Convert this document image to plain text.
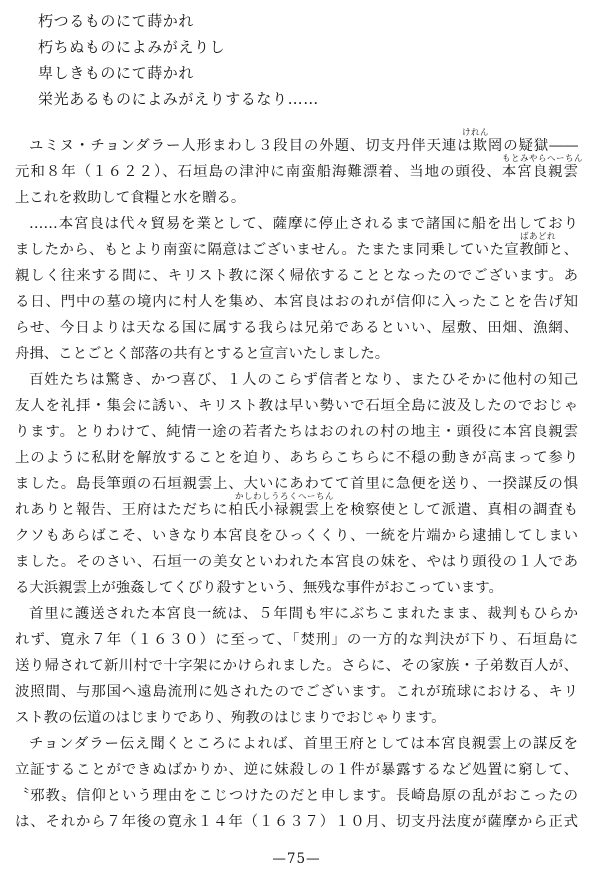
朽つるものにて蒔かれ
朽ちぬものによみがえりし
卑しきものにて蒔かれ
栄光あるものによみがえりするなり……
けれん
ユミヌ・チョンダラー人形まわし３段目の外題、切支丹伴天連は欺罔の疑獄――
もとみやらへーちん
元和８年（１６２２）、石垣島の津沖に南蛮船海難漂着、当地の頭役、本宮良親雲
上これを救助して食糧と水を贈る。
……本宮良は代々貿易を業として、薩摩に停止されるまで諸国に船を出しており
ばあどれ
ましたから、もとより南蛮に隔意はございません。たまたま同乗していた宣教師と、
親しく往来する間に、キリスト教に深く帰依することとなったのでございます。あ
る日、門中の墓の境内に村人を集め、本宮良はおのれが信仰に入ったことを告げ知
らせ、今日よりは天なる国に属する我らは兄弟であるといい、屋敷、田畑、漁網、
舟揖、ことごとく部落の共有とすると宣言いたしました。
百姓たちは驚き、かつ喜び、１人のこらず信者となり、またひそかに他村の知己
友人を礼拝・集会に誘い、キリスト教は早い勢いで石垣全島に波及したのでおじゃ
ります。とりわけて、純情一途の若者たちはおのれの村の地主・頭役に本宮良親雲
上のように私財を解放することを迫り、あちらこちらに不穏の動きが高まって参り
ました。島長筆頭の石垣親雲上、大いにあわてて首里に急便を送り、一揆謀反の惧
かしわしうろくへーちん
れありと報告、王府はただちに柏氏小禄親雲上を検察使として派遣、真相の調査も
クソもあらばこそ、いきなり本宮良をひっくくり、一統を片端から逮捕してしまい
ました。そのさい、石垣一の美女といわれた本宮良の妹を、やはり頭役の１人であ
る大浜親雲上が強姦してくびり殺すという、無残な事件がおこっています。
首里に護送された本宮良一統は、５年間も牢にぶちこまれたまま、裁判もひらか
れず、寛永７年（１６３０）に至って、「焚刑」の一方的な判決が下り、石垣島に
送り帰されて新川村で十字架にかけられました。さらに、その家族・子弟数百人が、
波照間、与那国へ遠島流刑に処されたのでございます。これが琉球における、キリ
スト教の伝道のはじまりであり、殉教のはじまりでおじゃります。
チョンダラー伝え聞くところによれば、首里王府としては本宮良親雲上の謀反を
立証することができぬばかりか、逆に妹殺しの１件が暴露するなど処置に窮して、
〝邪教〟信仰という理由をこじつけたのだと申します。長崎島原の乱がおこったの
は、それから７年後の寛永１４年（１６３７）１０月、切支丹法度が薩摩から正式
—75—
